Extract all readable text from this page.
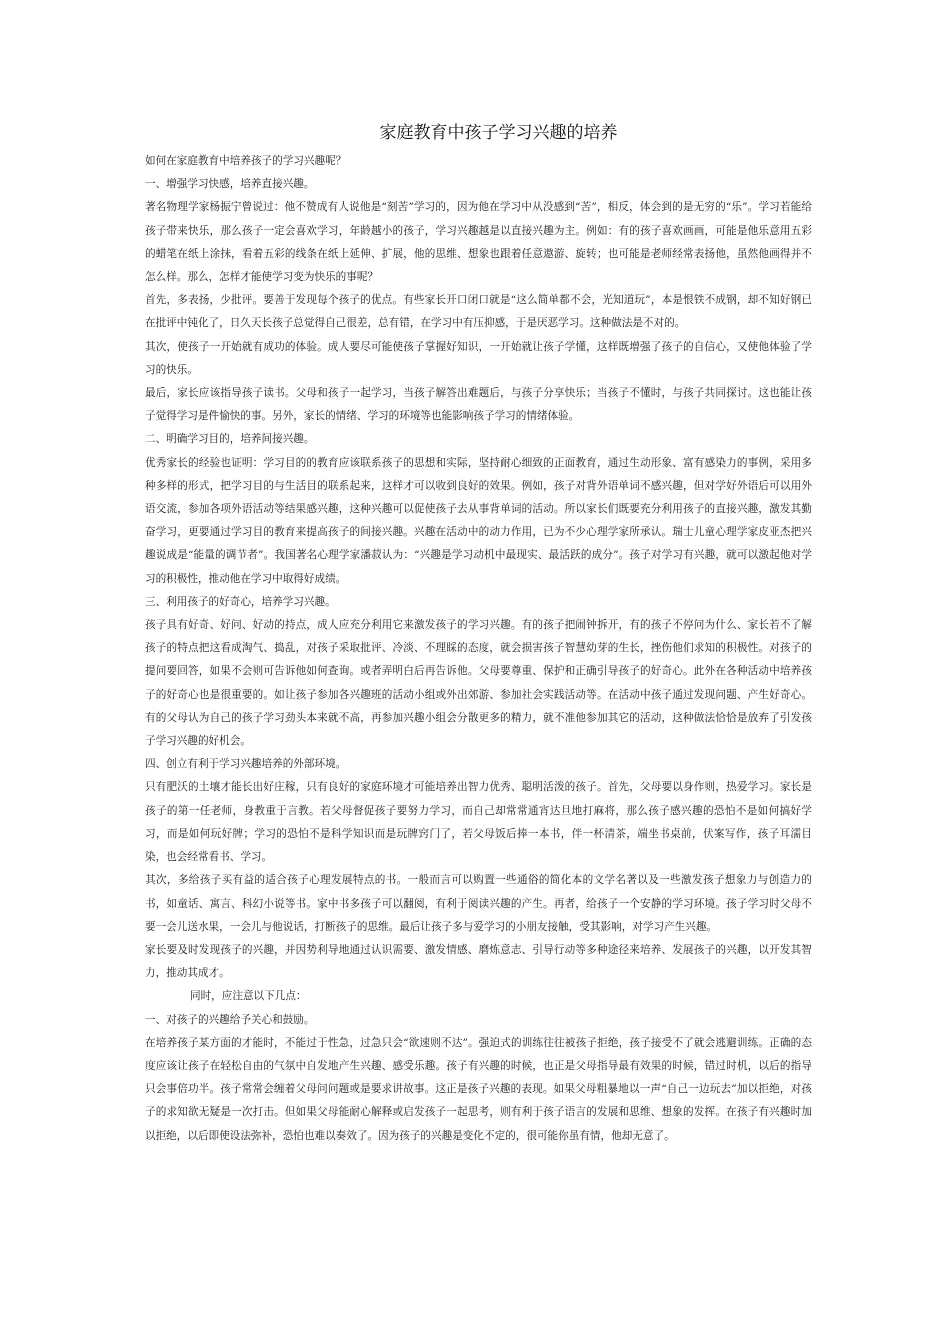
家庭教育中孩子学习兴趣的培养

如何在家庭教育中培养孩子的学习兴趣呢？

一、增强学习快感，培养直接兴趣。

著名物理学家杨振宁曾说过：他不赞成有人说他是“刻苦”学习的，因为他在学习中从没感到“苦”，相反，体会到的是无穷的“乐”。学习若能给孩子带来快乐，那么孩子一定会喜欢学习，年龄越小的孩子，学习兴趣越是以直接兴趣为主。例如：有的孩子喜欢画画，可能是他乐意用五彩的蜡笔在纸上涂抹，看着五彩的线条在纸上延伸、扩展，他的思维、想象也跟着任意遨游、旋转；也可能是老师经常表扬他，虽然他画得并不怎么样。那么，怎样才能使学习变为快乐的事呢？

首先，多表扬，少批评。要善于发现每个孩子的优点。有些家长开口闭口就是“这么简单都不会，光知道玩”，本是恨铁不成钢，却不知好钢已在批评中钝化了，日久天长孩子总觉得自己很差，总有错，在学习中有压抑感，于是厌恶学习。这种做法是不对的。

其次，使孩子一开始就有成功的体验。成人要尽可能使孩子掌握好知识，一开始就让孩子学懂，这样既增强了孩子的自信心，又使他体验了学习的快乐。

最后，家长应该指导孩子读书。父母和孩子一起学习，当孩子解答出难题后，与孩子分享快乐；当孩子不懂时，与孩子共同探讨。这也能让孩子觉得学习是件愉快的事。另外，家长的情绪、学习的环境等也能影响孩子学习的情绪体验。

二、明确学习目的，培养间接兴趣。

优秀家长的经验也证明：学习目的的教育应该联系孩子的思想和实际，坚持耐心细致的正面教育，通过生动形象、富有感染力的事例，采用多种多样的形式，把学习目的与生活目的联系起来，这样才可以收到良好的效果。例如，孩子对背外语单词不感兴趣，但对学好外语后可以用外语交流，参加各项外语活动等结果感兴趣，这种兴趣可以促使孩子去从事背单词的活动。所以家长们既要充分利用孩子的直接兴趣，激发其勤奋学习，更要通过学习目的教育来提高孩子的间接兴趣。兴趣在活动中的动力作用，已为不少心理学家所承认。瑞士儿童心理学家皮亚杰把兴趣说成是“能量的调节者”。我国著名心理学家潘菽认为：“兴趣是学习动机中最现实、最活跃的成分”。孩子对学习有兴趣，就可以激起他对学习的积极性，推动他在学习中取得好成绩。

三、利用孩子的好奇心，培养学习兴趣。

孩子具有好奇、好问、好动的持点，成人应充分利用它来激发孩子的学习兴趣。有的孩子把闹钟拆开，有的孩子不停问为什么、家长若不了解孩子的特点把这看成淘气、捣乱，对孩子采取批评、冷淡、不理睬的态度，就会损害孩子智慧幼芽的生长，挫伤他们求知的积极性。对孩子的提问要回答，如果不会则可告诉他如何查询。或者弄明白后再告诉他。父母要尊重、保护和正确引导孩子的好奇心。此外在各种活动中培养孩子的好奇心也是很重要的。如让孩子参加各兴趣班的活动小组或外出郊游、参加社会实践活动等。在活动中孩子通过发现问题、产生好奇心。有的父母认为自己的孩子学习劲头本来就不高，再参加兴趣小组会分散更多的精力，就不准他参加其它的活动，这种做法恰恰是放弃了引发孩子学习兴趣的好机会。

四、创立有利于学习兴趣培养的外部环境。

只有肥沃的土壤才能长出好庄稼，只有良好的家庭环境才可能培养出智力优秀、聪明活泼的孩子。首先，父母要以身作则，热爱学习。家长是孩子的第一任老师，身教重于言教。若父母督促孩子要努力学习，而自己却常常通宵达旦地打麻将，那么孩子感兴趣的恐怕不是如何搞好学习，而是如何玩好牌；学习的恐怕不是科学知识而是玩牌窍门了，若父母饭后捧一本书，伴一杯清茶，端坐书桌前，伏案写作，孩子耳濡目染，也会经常看书、学习。

其次，多给孩子买有益的适合孩子心理发展特点的书。一般而言可以购置一些通俗的简化本的文学名著以及一些激发孩子想象力与创造力的书，如童话、寓言、科幻小说等书。家中书多孩子可以翻阅，有利于阅读兴趣的产生。再者，给孩子一个安静的学习环境。孩子学习时父母不要一会儿送水果，一会儿与他说话，打断孩子的思维。最后让孩子多与爱学习的小朋友接触，受其影响，对学习产生兴趣。

家长要及时发现孩子的兴趣，并因势利导地通过认识需要、激发情感、磨炼意志、引导行动等多种途径来培养、发展孩子的兴趣，以开发其智力，推动其成才。

同时，应注意以下几点：

一、对孩子的兴趣给予关心和鼓励。

在培养孩子某方面的才能时，不能过于性急，过急只会“欲速则不达”。强迫式的训练往往被孩子拒绝，孩子接受不了就会逃避训练。正确的态度应该让孩子在轻松自由的气氛中自发地产生兴趣、感受乐趣。孩子有兴趣的时候，也正是父母指导最有效果的时候，错过时机，以后的指导只会事倍功半。孩子常常会缠着父母问问题或是要求讲故事。这正是孩子兴趣的表现。如果父母粗暴地以一声“自己一边玩去”加以拒绝，对孩子的求知欲无疑是一次打击。但如果父母能耐心解释或启发孩子一起思考，则有利于孩子语言的发展和思维、想象的发挥。在孩子有兴趣时加以拒绝，以后即使设法弥补，恐怕也难以奏效了。因为孩子的兴趣是变化不定的，很可能你虽有情，他却无意了。
